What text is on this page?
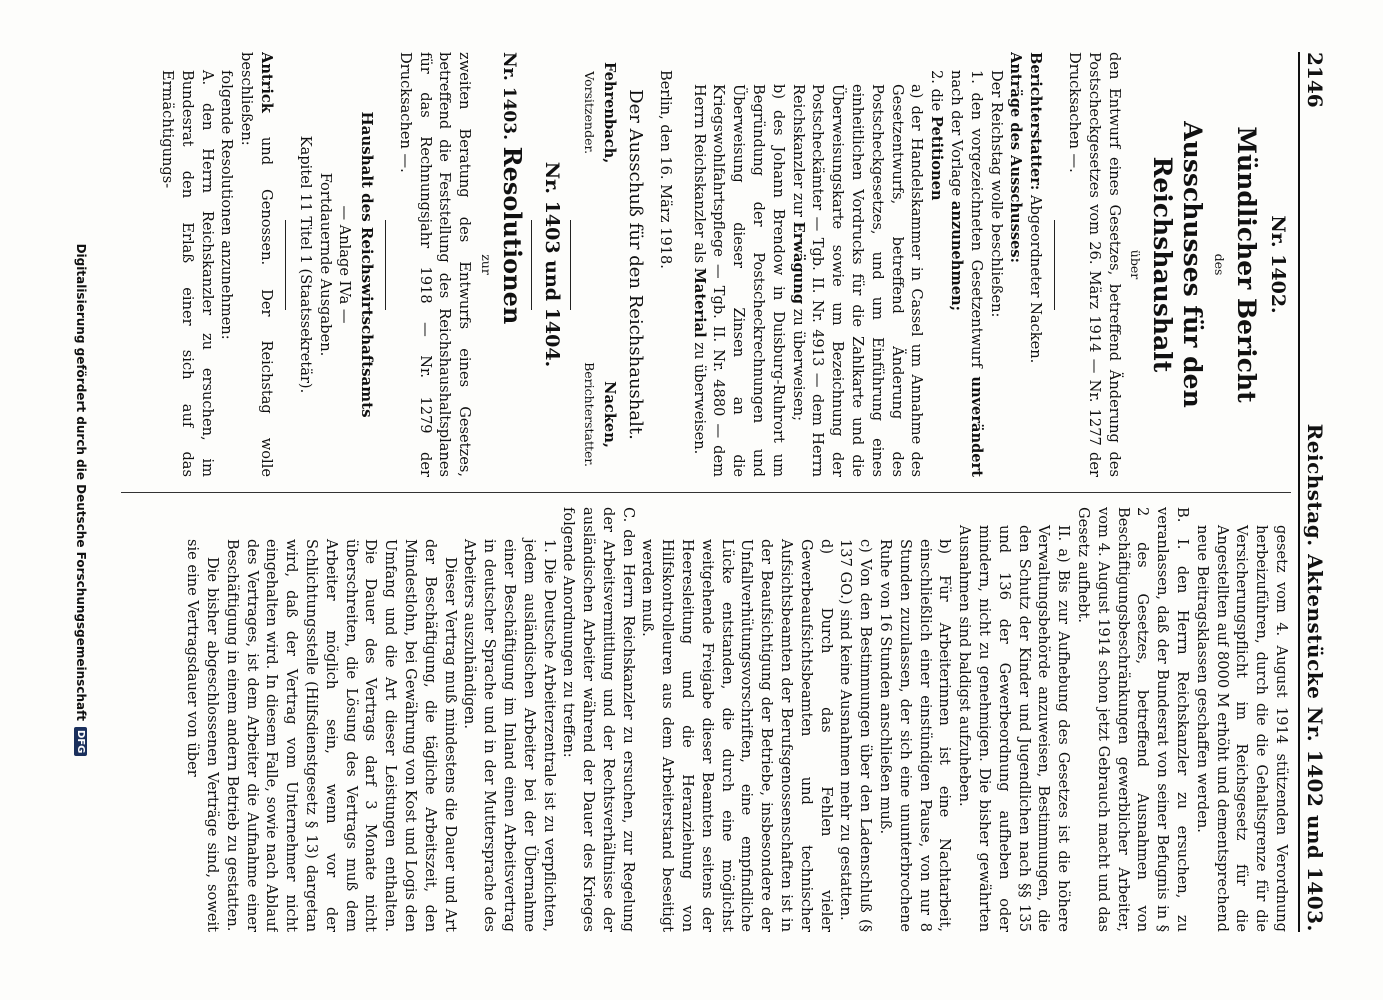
2146
Reichstag. Aktenstücke Nr. 1402 und 1403.
Nr. 1402.
Mündlicher Bericht
des
Ausschusses für den Reichshaushalt
über

den Entwurf eines Gesetzes, betreffend Änderung des Postscheckgesetzes vom 26. März 1914 — Nr. 1277 der Drucksachen —.

Berichterstatter: Abgeordneter Nacken.

Anträge des Ausschusses:

Der Reichstag wolle beschließen:

1. den vorgezeichneten Gesetzentwurf unverändert nach der Vorlage anzunehmen;

2. die Petitionen

a) der Handelskammer in Cassel um Annahme des Gesetzentwurfs, betreffend Änderung des Postscheckgesetzes, und um Einführung eines einheitlichen Vordrucks für die Zahlkarte und die Überweisungskarte sowie um Bezeichnung der Postscheckämter — Tgb. II. Nr. 4913 — dem Herrn Reichskanzler zur Erwägung zu überweisen;

b) des Johann Brendow in Duisburg-Ruhrort um Begründung der Postscheckrechnungen und Überweisung dieser Zinsen an die Kriegswohlfahrtspflege — Tgb. II. Nr. 4880 — dem Herrn Reichskanzler als Material zu überweisen.

Berlin, den 16. März 1918.
Der Ausschuß für den Reichshaushalt.
Fehrenbach,
Vorsitzender.
Nacken,
Berichterstatter.
Nr. 1403 und 1404.
Nr. 1403. Resolutionen
zur

zweiten Beratung des Entwurfs eines Gesetzes, betreffend die Feststellung des Reichshaushaltsplanes für das Rechnungsjahr 1918 — Nr. 1279 der Drucksachen —.

Haushalt des Reichswirtschaftsamts
— Anlage IVa —
Fortdauernde Ausgaben.
Kapitel 11 Titel 1 (Staatssekretär).

Antrick und Genossen. Der Reichstag wolle beschließen:

folgende Resolutionen anzunehmen:

A. den Herrn Reichskanzler zu ersuchen, im Bundesrat den Erlaß einer sich auf das Ermächtigungs-

gesetz vom 4. August 1914 stützenden Verordnung herbeizuführen, durch die die Gehaltsgrenze für die Versicherungspflicht im Reichsgesetz für die Angestellten auf 8000 M erhöht und dementsprechend neue Beitragsklassen geschaffen werden.

B. I. den Herrn Reichskanzler zu ersuchen, zu veranlassen, daß der Bundesrat von seiner Befugnis in § 2 des Gesetzes, betreffend Ausnahmen von Beschäftigungsbeschränkungen gewerblicher Arbeiter, vom 4. August 1914 schon jetzt Gebrauch macht und das Gesetz aufhebt.

II. a) Bis zur Aufhebung des Gesetzes ist die höhere Verwaltungsbehörde anzuweisen, Bestimmungen, die den Schutz der Kinder und Jugendlichen nach §§ 135 und 136 der Gewerbeordnung aufheben oder mindern, nicht zu genehmigen. Die bisher gewährten Ausnahmen sind baldigst aufzuheben.

b) Für Arbeiterinnen ist eine Nachtarbeit, einschließlich einer einstündigen Pause, von nur 8 Stunden zuzulassen, der sich eine ununterbrochene Ruhe von 16 Stunden anschließen muß.

c) Von den Bestimmungen über den Ladenschluß (§ 137 GO.) sind keine Ausnahmen mehr zu gestatten.

d) Durch das Fehlen vieler Gewerbeaufsichtsbeamten und technischer Aufsichtsbeamten der Berufsgenossenschaften ist in der Beaufsichtigung der Betriebe, insbesondere der Unfallverhütungsvorschriften, eine empfindliche Lücke entstanden, die durch eine möglichst weitgehende Freigabe dieser Beamten seitens der Heeresleitung und die Heranziehung von Hilfskontrolleuren aus dem Arbeiterstand beseitigt werden muß.

C. den Herrn Reichskanzler zu ersuchen, zur Regelung der Arbeitsvermittlung und der Rechtsverhältnisse der ausländischen Arbeiter während der Dauer des Krieges folgende Anordnungen zu treffen:

1. Die Deutsche Arbeiterzentrale ist zu verpflichten, jedem ausländischen Arbeiter bei der Übernahme einer Beschäftigung im Inland einen Arbeitsvertrag in deutscher Sprache und in der Muttersprache des Arbeiters auszuhändigen.

Dieser Vertrag muß mindestens die Dauer und Art der Beschäftigung, die tägliche Arbeitszeit, den Mindestlohn, bei Gewährung von Kost und Logis den Umfang und die Art dieser Leistungen enthalten. Die Dauer des Vertrags darf 3 Monate nicht überschreiten, die Lösung des Vertrags muß dem Arbeiter möglich sein, wenn vor der Schlichtungsstelle (Hilfsdienstgesetz § 13) dargetan wird, daß der Vertrag vom Unternehmer nicht eingehalten wird. In diesem Falle, sowie nach Ablauf des Vertrages, ist dem Arbeiter die Aufnahme einer Beschäftigung in einem andern Betrieb zu gestatten.

Die bisher abgeschlossenen Verträge sind, soweit sie eine Vertragsdauer von über

Digitalisierung gefördert durch die Deutsche Forschungsgemeinschaft
DFG
